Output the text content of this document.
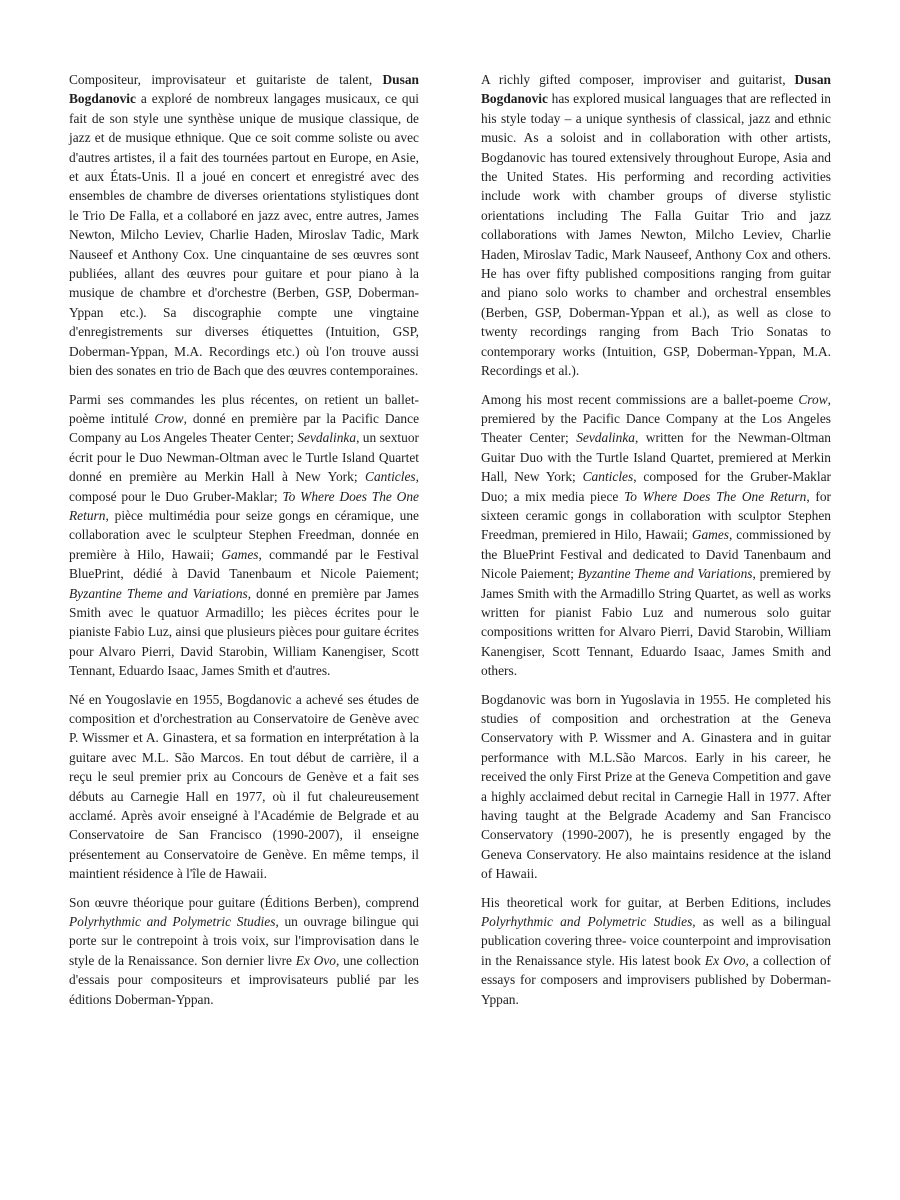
Compositeur, improvisateur et guitariste de talent, Dusan Bogdanovic a exploré de nombreux langages musicaux, ce qui fait de son style une synthèse unique de musique classique, de jazz et de musique ethnique. Que ce soit comme soliste ou avec d'autres artistes, il a fait des tournées partout en Europe, en Asie, et aux États-Unis. Il a joué en concert et enregistré avec des ensembles de chambre de diverses orientations stylistiques dont le Trio De Falla, et a collaboré en jazz avec, entre autres, James Newton, Milcho Leviev, Charlie Haden, Miroslav Tadic, Mark Nauseef et Anthony Cox. Une cinquantaine de ses œuvres sont publiées, allant des œuvres pour guitare et pour piano à la musique de chambre et d'orchestre (Berben, GSP, Doberman-Yppan etc.). Sa discographie compte une vingtaine d'enregistrements sur diverses étiquettes (Intuition, GSP, Doberman-Yppan, M.A. Recordings etc.) où l'on trouve aussi bien des sonates en trio de Bach que des œuvres contemporaines.

Parmi ses commandes les plus récentes, on retient un ballet-poème intitulé Crow, donné en première par la Pacific Dance Company au Los Angeles Theater Center; Sevdalinka, un sextuor écrit pour le Duo Newman-Oltman avec le Turtle Island Quartet donné en première au Merkin Hall à New York; Canticles, composé pour le Duo Gruber-Maklar; To Where Does The One Return, pièce multimédia pour seize gongs en céramique, une collaboration avec le sculpteur Stephen Freedman, donnée en première à Hilo, Hawaii; Games, commandé par le Festival BluePrint, dédié à David Tanenbaum et Nicole Paiement; Byzantine Theme and Variations, donné en première par James Smith avec le quatuor Armadillo; les pièces écrites pour le pianiste Fabio Luz, ainsi que plusieurs pièces pour guitare écrites pour Alvaro Pierri, David Starobin, William Kanengiser, Scott Tennant, Eduardo Isaac, James Smith et d'autres.

Né en Yougoslavie en 1955, Bogdanovic a achevé ses études de composition et d'orchestration au Conservatoire de Genève avec P. Wissmer et A. Ginastera, et sa formation en interprétation à la guitare avec M.L. São Marcos. En tout début de carrière, il a reçu le seul premier prix au Concours de Genève et a fait ses débuts au Carnegie Hall en 1977, où il fut chaleureusement acclamé. Après avoir enseigné à l'Académie de Belgrade et au Conservatoire de San Francisco (1990-2007), il enseigne présentement au Conservatoire de Genève. En même temps, il maintient résidence à l'île de Hawaii.

Son œuvre théorique pour guitare (Éditions Berben), comprend Polyrhythmic and Polymetric Studies, un ouvrage bilingue qui porte sur le contrepoint à trois voix, sur l'improvisation dans le style de la Renaissance. Son dernier livre Ex Ovo, une collection d'essais pour compositeurs et improvisateurs publié par les éditions Doberman-Yppan.

A richly gifted composer, improviser and guitarist, Dusan Bogdanovic has explored musical languages that are reflected in his style today – a unique synthesis of classical, jazz and ethnic music. As a soloist and in collaboration with other artists, Bogdanovic has toured extensively throughout Europe, Asia and the United States. His performing and recording activities include work with chamber groups of diverse stylistic orientations including The Falla Guitar Trio and jazz collaborations with James Newton, Milcho Leviev, Charlie Haden, Miroslav Tadic, Mark Nauseef, Anthony Cox and others. He has over fifty published compositions ranging from guitar and piano solo works to chamber and orchestral ensembles (Berben, GSP, Doberman-Yppan et al.), as well as close to twenty recordings ranging from Bach Trio Sonatas to contemporary works (Intuition, GSP, Doberman-Yppan, M.A. Recordings et al.).

Among his most recent commissions are a ballet-poeme Crow, premiered by the Pacific Dance Company at the Los Angeles Theater Center; Sevdalinka, written for the Newman-Oltman Guitar Duo with the Turtle Island Quartet, premiered at Merkin Hall, New York; Canticles, composed for the Gruber-Maklar Duo; a mix media piece To Where Does The One Return, for sixteen ceramic gongs in collaboration with sculptor Stephen Freedman, premiered in Hilo, Hawaii; Games, commissioned by the BluePrint Festival and dedicated to David Tanenbaum and Nicole Paiement; Byzantine Theme and Variations, premiered by James Smith with the Armadillo String Quartet, as well as works written for pianist Fabio Luz and numerous solo guitar compositions written for Alvaro Pierri, David Starobin, William Kanengiser, Scott Tennant, Eduardo Isaac, James Smith and others.

Bogdanovic was born in Yugoslavia in 1955. He completed his studies of composition and orchestration at the Geneva Conservatory with P. Wissmer and A. Ginastera and in guitar performance with M.L.São Marcos. Early in his career, he received the only First Prize at the Geneva Competition and gave a highly acclaimed debut recital in Carnegie Hall in 1977. After having taught at the Belgrade Academy and San Francisco Conservatory (1990-2007), he is presently engaged by the Geneva Conservatory. He also maintains residence at the island of Hawaii.

His theoretical work for guitar, at Berben Editions, includes Polyrhythmic and Polymetric Studies, as well as a bilingual publication covering three- voice counterpoint and improvisation in the Renaissance style. His latest book Ex Ovo, a collection of essays for composers and improvisers published by Doberman-Yppan.
